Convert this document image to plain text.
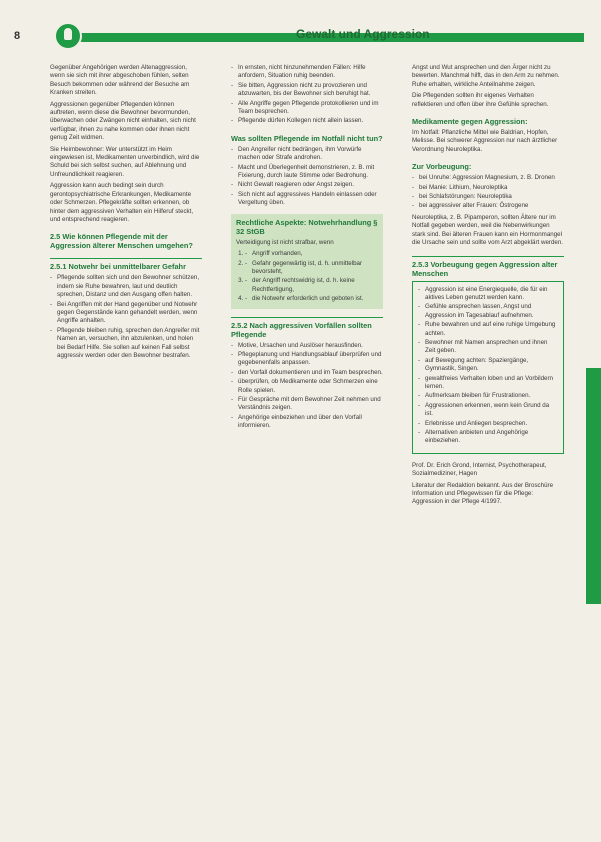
8	Gewalt und Aggression

Gegenüber Angehörigen werden Altenaggression, wenn sie sich mit ihrer abgeschoben fühlen, selten Besuch bekommen oder während der Besuche am Kranken streiten.

Aggressionen gegenüber Pflegenden können auftreten, wenn diese die Bewohner bevormunden, überwachen oder Zwängen nicht einhalten, sich nicht verfügbar, ihnen zu nahe kommen oder ihnen nicht genug Zeit widmen.

Sie Heimbewohner: Wer unterstützt im Heim eingewiesen ist, Medikamenten unverbindlich, wird die Schuld bei sich selbst suchen, auf Ablehnung und Unfreundlichkeit reagieren.

Aggression kann auch bedingt sein durch gerontopsychiatrische Erkrankungen, Medikamente oder Schmerzen. Pflegekräfte sollten erkennen, ob hinter dem aggressiven Verhalten ein Hilferuf steckt, und entsprechend reagieren.

2.5 Wie können Pflegende mit der Aggression älterer Menschen umgehen?
2.5.1 Notwehr bei unmittelbarer Gefahr
- Pflegende sollten sich und den Bewohner schützen, indem sie Ruhe bewahren, laut und deutlich sprechen, Distanz und den Ausgang offen halten.
- Bei Angriffen mit der Hand gegenüber und Notwehr gegen Gegenstände kann gehandelt werden, wenn Angriffe anhalten.
- Pflegende bleiben ruhig, sprechen den Angreifer mit Namen an, versuchen, ihn abzulenken, und holen bei Bedarf Hilfe. Sie sollen auf keinen Fall selbst aggressiv werden oder den Bewohner bestrafen.
- In ernsten, nicht hinzunehmenden Fällen: Hilfe anfordern, Situation ruhig beenden.
- Sie bitten, Aggression nicht zu provozieren und abzuwarten, bis der Bewohner sich beruhigt hat.
- Alle Angriffe gegen Pflegende protokollieren und im Team besprechen.
- Pflegende dürfen Kollegen nicht allein lassen.
Was sollten Pflegende im Notfall nicht tun?
- Den Angreifer nicht bedrängen, ihm Vorwürfe machen oder Strafe androhen.
- Macht und Überlegenheit demonstrieren, z. B. mit Fixierung, durch laute Stimme oder Bedrohung.
- Nicht Gewalt reagieren oder Angst zeigen.
- Sich nicht auf aggressives Handeln einlassen oder Vergeltung üben.
Rechtliche Aspekte: Notwehrhandlung § 32 StGB

Verteidigung ist nicht strafbar, wenn

- 1. Angriff vorhanden,
- 2. Gefahr gegenwärtig ist, d. h. unmittelbar bevorsteht,
- 3. der Angriff rechtswidrig ist, d. h. keine Rechtfertigung,
- 4. die Notwehr erforderlich und geboten ist.
2.5.2 Nach aggressiven Vorfällen sollten Pflegende
- Motive, Ursachen und Auslöser herausfinden.
- Pflegeplanung und Handlungsablauf überprüfen und gegebenenfalls anpassen.
- den Vorfall dokumentieren und im Team besprechen.
- überprüfen, ob Medikamente oder Schmerzen eine Rolle spielen.
- Für Gespräche mit dem Bewohner Zeit nehmen und Verständnis zeigen.
- Angehörige einbeziehen und über den Vorfall informieren.

Angst und Wut ansprechen und den Ärger nicht zu bewerten. Manchmal hilft, das in den Arm zu nehmen. Ruhe erhalten, wirkliche Anteilnahme zeigen.

Die Pflegenden sollten ihr eigenes Verhalten reflektieren und offen über ihre Gefühle sprechen.

Medikamente gegen Aggression:

Im Notfall: Pflanzliche Mittel wie Baldrian, Hopfen, Melisse. Bei schwerer Aggression nur nach ärztlicher Verordnung Neuroleptika.

Zur Vorbeugung:
- bei Unruhe: Aggression Magnesium, z. B. Dronen
- bei Manie: Lithium, Neuroleptika
- bei Schlafstörungen: Neuroleptika
- bei aggressiver alter Frauen: Östrogene

Neuroleptika, z. B. Pipamperon, sollten Ältere nur im Notfall gegeben werden, weil die Nebenwirkungen stark sind. Bei älteren Frauen kann ein Hormonmangel die Ursache sein und sollte vom Arzt abgeklärt werden.

2.5.3 Vorbeugung gegen Aggression alter Menschen
- Aggression ist eine Energiequelle, die für ein aktives Leben genutzt werden kann.
- Gefühle ansprechen lassen, Angst und Aggression im Tagesablauf aufnehmen.
- Ruhe bewahren und auf eine ruhige Umgebung achten.
- Bewohner mit Namen ansprechen und ihnen Zeit geben.
- auf Bewegung achten: Spaziergänge, Gymnastik, Singen.
- gewaltfreies Verhalten loben und an Vorbildern lernen.
- Aufmerksam bleiben für Frustrationen.
- Aggressionen erkennen, wenn kein Grund da ist.
- Erlebnisse und Anliegen besprechen.
- Alternativen anbieten und Angehörige einbeziehen.

Prof. Dr. Erich Grond, Internist, Psychotherapeut, Sozialmediziner, Hagen

Literatur der Redaktion bekannt. Aus der Broschüre Information und Pflegewissen für die Pflege: Aggression in der Pflege 4/1997.
